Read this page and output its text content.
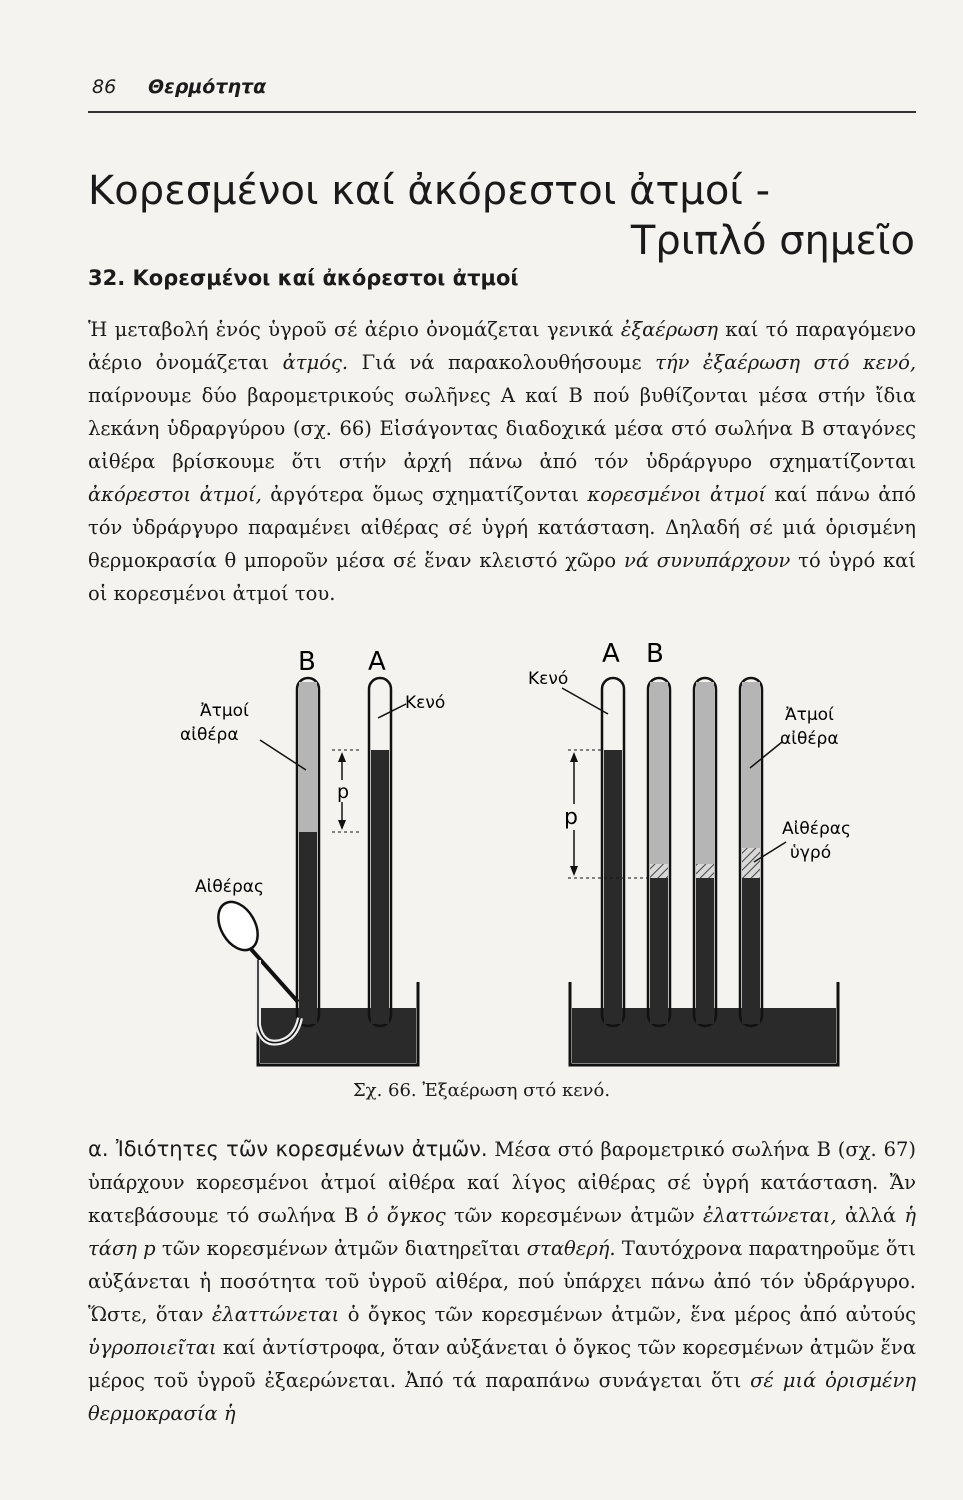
86 Θερμότητα
Κορεσμένοι καί ἀκόρεστοι ἀτμοί -
Τριπλό σημεῖο
32. Κορεσμένοι καί ἀκόρεστοι ἀτμοί
Ἡ μεταβολή ἑνός ὑγροῦ σέ ἀέριο ὀνομάζεται γενικά ἐξαέρωση καί τό παραγόμενο ἀέριο ὀνομάζεται ἀτμός. Γιά νά παρακολουθήσουμε τήν ἐξαέρωση στό κενό, παίρνουμε δύο βαρομετρικούς σωλῆνες Α καί Β πού βυθίζονται μέσα στήν ἴδια λεκάνη ὑδραργύρου (σχ. 66) Εἰσάγοντας διαδοχικά μέσα στό σωλήνα Β σταγόνες αἰθέρα βρίσκουμε ὅτι στήν ἀρχή πάνω ἀπό τόν ὑδράργυρο σχηματίζονται ἀκόρεστοι ἀτμοί, ἀργότερα ὅμως σχηματίζονται κορεσμένοι ἀτμοί καί πάνω ἀπό τόν ὑδράργυρο παραμένει αἰθέρας σέ ὑγρή κατάσταση. Δηλαδή σέ μιά ὁρισμένη θερμοκρασία θ μποροῦν μέσα σέ ἕναν κλειστό χῶρο νά συνυπάρχουν τό ὑγρό καί οἱ κορεσμένοι ἀτμοί του.
Β Α
Ἀτμοί
αἰθέρα
Κενό
p
Αἰθέρας
Κενό
Α Β
p
Ἀτμοί
αἰθέρα
Αἰθέρας
ὑγρό
Σχ. 66. Ἐξαέρωση στό κενό.
α. Ἰδιότητες τῶν κορεσμένων ἀτμῶν. Μέσα στό βαρομετρικό σωλήνα Β (σχ. 67) ὑπάρχουν κορεσμένοι ἀτμοί αἰθέρα καί λίγος αἰθέρας σέ ὑγρή κατάσταση. Ἄν κατεβάσουμε τό σωλήνα Β ὁ ὄγκος τῶν κορεσμένων ἀτμῶν ἐλαττώνεται, ἀλλά ἡ τάση p τῶν κορεσμένων ἀτμῶν διατηρεῖται σταθερή. Ταυτόχρονα παρατηροῦμε ὅτι αὐξάνεται ἡ ποσότητα τοῦ ὑγροῦ αἰθέρα, πού ὑπάρχει πάνω ἀπό τόν ὑδράργυρο. Ὥστε, ὅταν ἐλαττώνεται ὁ ὄγκος τῶν κορεσμένων ἀτμῶν, ἕνα μέρος ἀπό αὐτούς ὑγροποιεῖται καί ἀντίστροφα, ὅταν αὐξάνεται ὁ ὄγκος τῶν κορεσμένων ἀτμῶν ἕνα μέρος τοῦ ὑγροῦ ἐξαερώνεται. Ἀπό τά παραπάνω συνάγεται ὅτι σέ μιά ὁρισμένη θερμοκρασία ἡ
